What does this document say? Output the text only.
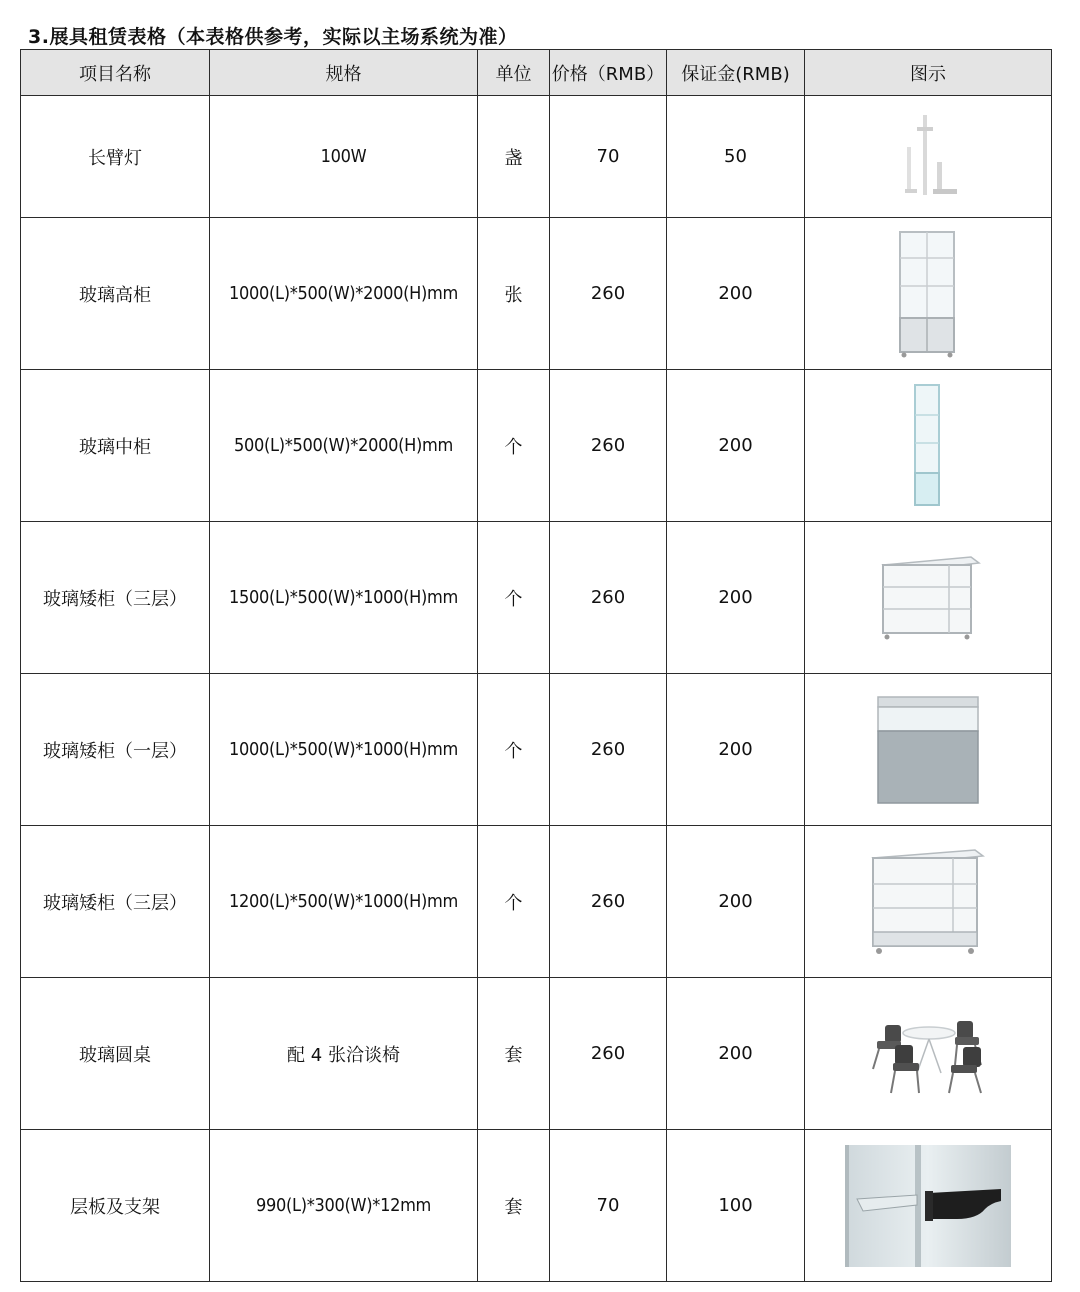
3.展具租赁表格（本表格供参考，实际以主场系统为准）
项目名称	规格	单位	价格（RMB）	保证金(RMB)	图示
长臂灯	100W	盏	70	50	

玻璃高柜	1000(L)*500(W)*2000(H)mm	张	260	200	

玻璃中柜	500(L)*500(W)*2000(H)mm	个	260	200	

玻璃矮柜（三层）	1500(L)*500(W)*1000(H)mm	个	260	200	

玻璃矮柜（一层）	1000(L)*500(W)*1000(H)mm	个	260	200	

玻璃矮柜（三层）	1200(L)*500(W)*1000(H)mm	个	260	200	

玻璃圆桌	配 4 张洽谈椅	套	260	200	

层板及支架	990(L)*300(W)*12mm	套	70	100	
